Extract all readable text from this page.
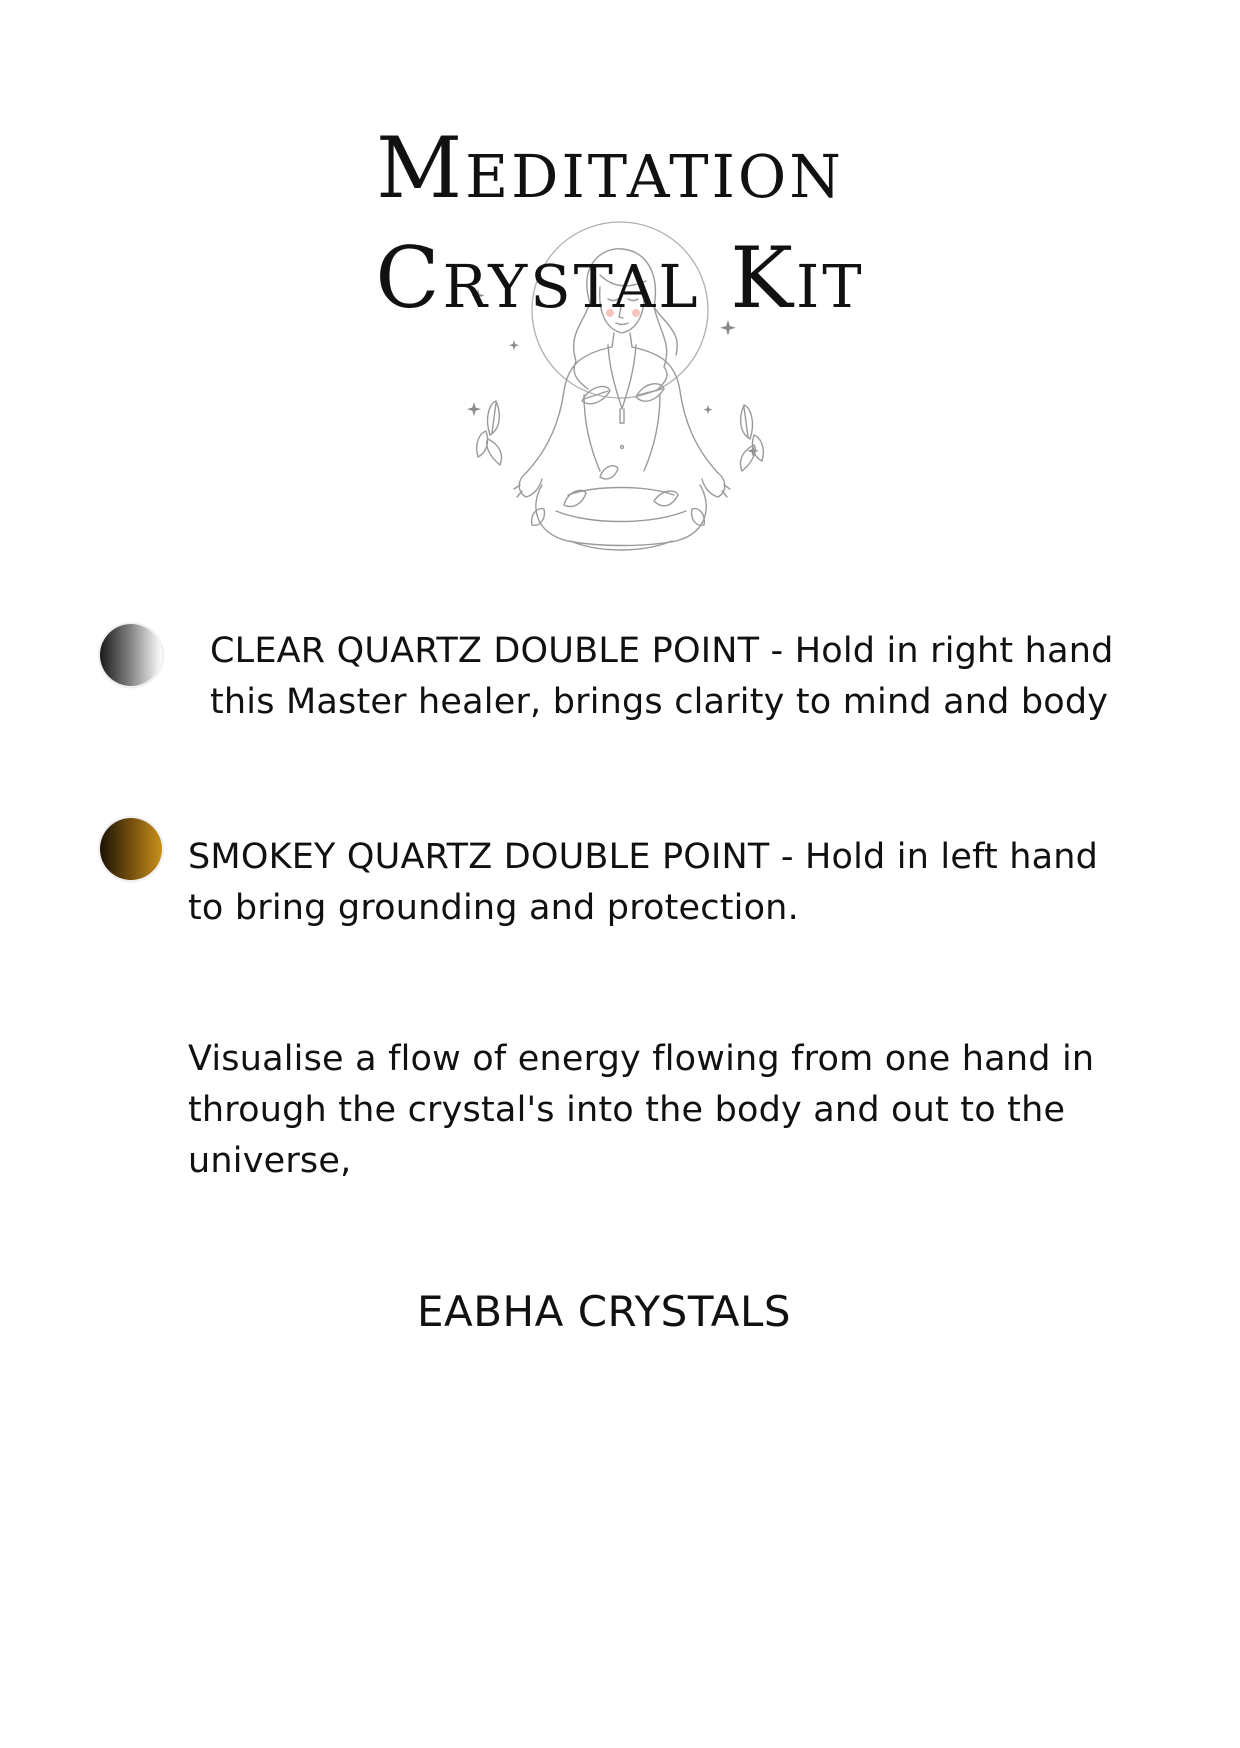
Meditation
Crystal Kit

CLEAR QUARTZ DOUBLE POINT - Hold in right hand
this Master healer, brings clarity to mind and body

SMOKEY QUARTZ DOUBLE POINT - Hold in left hand
to bring grounding and protection.

Visualise a flow of energy flowing from one hand in
through the crystal's into the body and out to the
universe,

EABHA CRYSTALS
